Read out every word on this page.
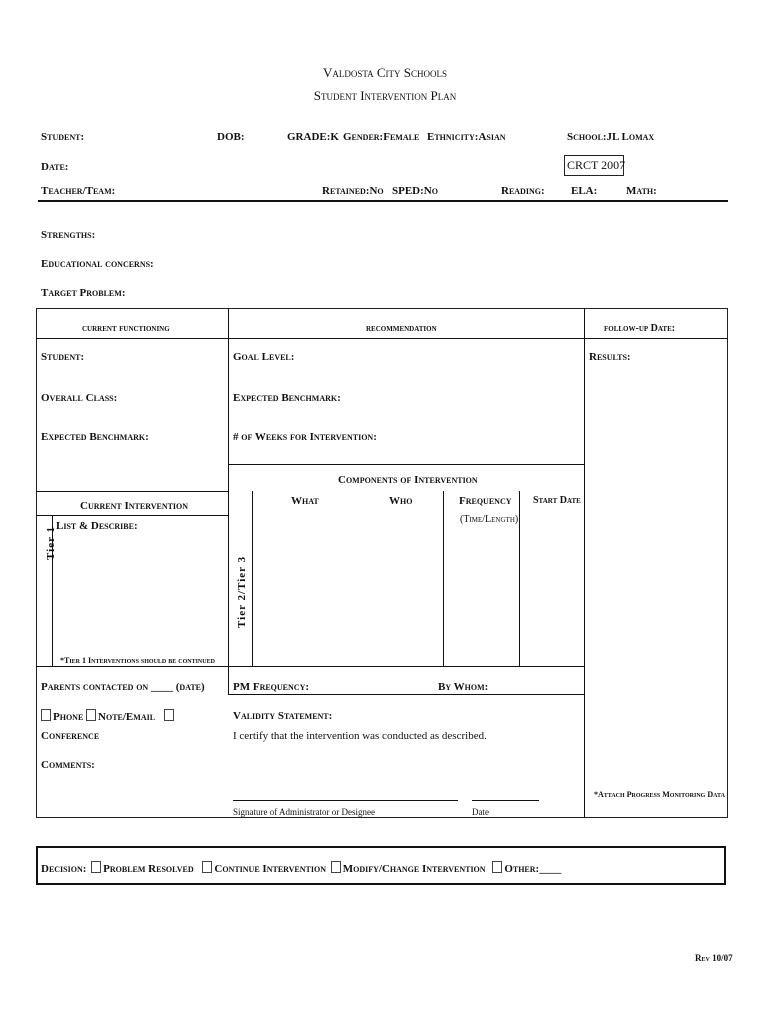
Valdosta City Schools
Student Intervention Plan
Student:	DOB:	GRADE:K Gender:Female Ethnicity:Asian	School:JL Lomax
Date:	CRCT 2007
Teacher/Team:	Retained:No SPED:No	Reading: ELA:	Math:
Strengths:
Educational concerns:
Target Problem:
current functioning	recommendation	follow-up Date:
Student:
Overall Class:
Expected Benchmark:
Goal Level:
Expected Benchmark:
# of Weeks for Intervention:
Results:
Components of Intervention
Current Intervention
Tier 1 List & Describe:
Tier 2/Tier 3
What	Who	Frequency
(Time/Length)
Start Date
*Tier 1 Interventions should be continued
Parents contacted on ____ (date)	PM Frequency:	By Whom:
Phone Note/Email
Conference
Comments:
Validity Statement:
I certify that the intervention was conducted as described.
Signature of Administrator or Designee	Date
*Attach Progress Monitoring Data
Decision: Problem Resolved Continue Intervention Modify/Change Intervention Other:____
Rev 10/07
